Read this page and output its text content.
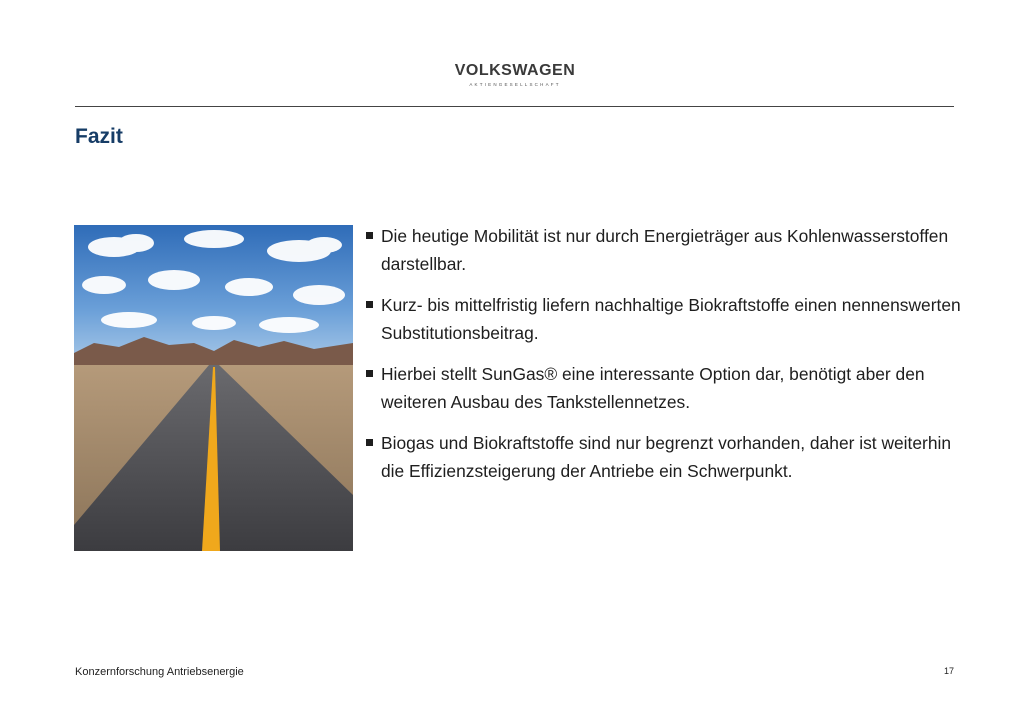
VOLKSWAGEN
AKTIENGESELLSCHAFT
Fazit
Die heutige Mobilität ist nur durch Energieträger aus Kohlenwasserstoffen darstellbar.
Kurz- bis mittelfristig liefern nachhaltige Biokraftstoffe einen nennenswerten Substitutionsbeitrag.
Hierbei stellt SunGas® eine interessante Option dar, benötigt aber den weiteren Ausbau des Tankstellennetzes.
Biogas und Biokraftstoffe sind nur begrenzt vorhanden, daher ist weiterhin die Effizienzsteigerung der Antriebe ein Schwerpunkt.
Konzernforschung Antriebsenergie	17
